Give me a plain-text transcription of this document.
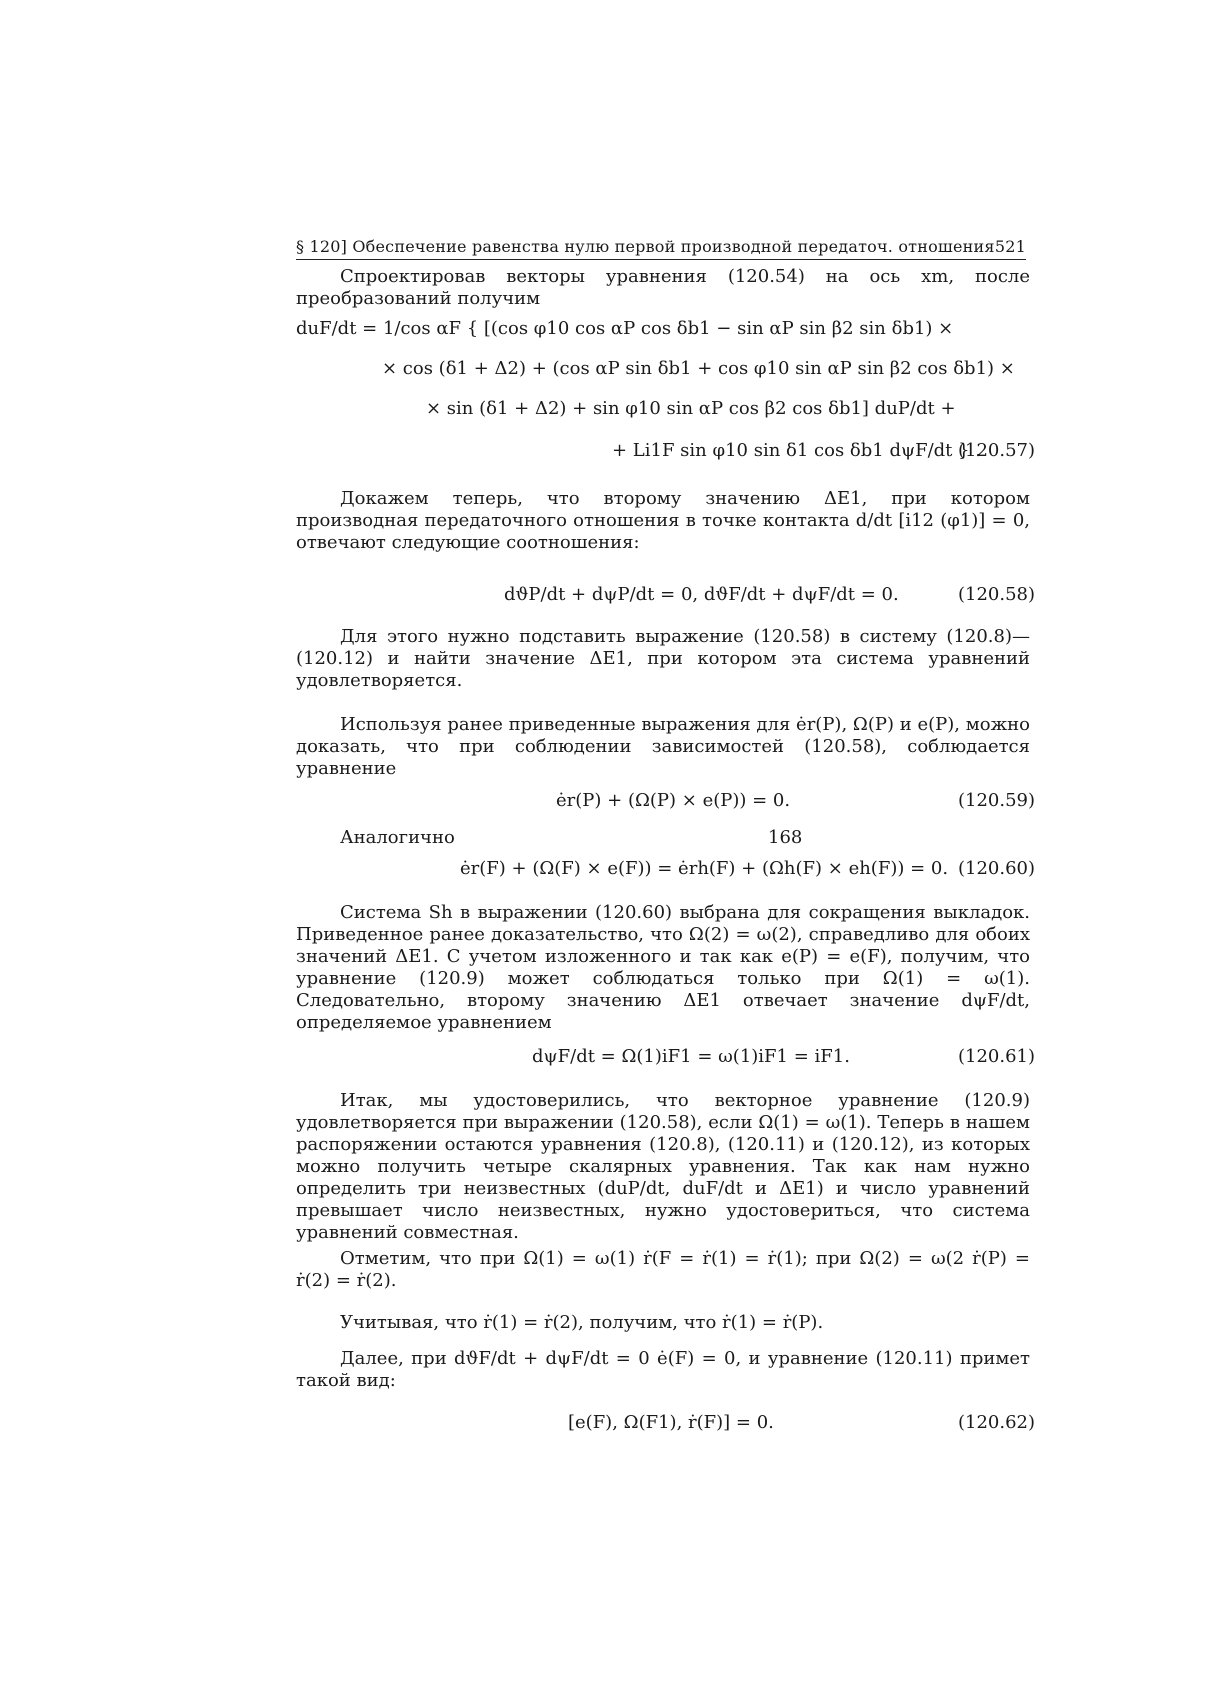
§ 120] Обеспечение равенства нулю первой производной передаточ. отношения 521
Спроектировав векторы уравнения (120.54) на ось xm, после преобразований получим
duF/dt = 1/cos αF { [(cos φ10 cos αP cos δb1 − sin αP sin β2 sin δb1) ×
× cos (δ1 + Δ2) + (cos αP sin δb1 + cos φ10 sin αP sin β2 cos δb1) ×
× sin (δ1 + Δ2) + sin φ10 sin αP cos β2 cos δb1] duP/dt +
+ Li1F sin φ10 sin δ1 cos δb1 dψF/dt } .
(120.57)
Докажем теперь, что второму значению ΔE1, при котором производная передаточного отношения в точке контакта d/dt [i12 (φ1)] = 0, отвечают следующие соотношения:
dϑP/dt + dψP/dt = 0, dϑF/dt + dψF/dt = 0.	(120.58)
Для этого нужно подставить выражение (120.58) в систему (120.8)—(120.12) и найти значение ΔE1, при котором эта система уравнений удовлетворяется.
Используя ранее приведенные выражения для ėr(P), Ω(P) и e(P), можно доказать, что при соблюдении зависимостей (120.58), соблюдается уравнение
ėr(P) + (Ω(P) × e(P)) = 0.	(120.59)
Аналогично	168
ėr(F) + (Ω(F) × e(F)) = ėrh(F) + (Ωh(F) × eh(F)) = 0. (120.60)
Система Sh в выражении (120.60) выбрана для сокращения выкладок. Приведенное ранее доказательство, что Ω(2) = ω(2), справедливо для обоих значений ΔE1. С учетом изложенного и так как e(P) = e(F), получим, что уравнение (120.9) может соблюдаться только при Ω(1) = ω(1). Следовательно, второму значению ΔE1 отвечает значение dψF/dt, определяемое уравнением
dψF/dt = Ω(1)iF1 = ω(1)iF1 = iF1.	(120.61)
Итак, мы удостоверились, что векторное уравнение (120.9) удовлетворяется при выражении (120.58), если Ω(1) = ω(1). Теперь в нашем распоряжении остаются уравнения (120.8), (120.11) и (120.12), из которых можно получить четыре скалярных уравнения. Так как нам нужно определить три неизвестных (duP/dt, duF/dt и ΔE1) и число уравнений превышает число неизвестных, нужно удостовериться, что система уравнений совместная.
Отметим, что при Ω(1) = ω(1) ṙ(F = ṙ(1) = ṙ(1); при Ω(2) = ω(2 ṙ(P) = ṙ(2) = ṙ(2).
Учитывая, что ṙ(1) = ṙ(2), получим, что ṙ(1) = ṙ(P).
Далее, при dϑF/dt + dψF/dt = 0 ė(F) = 0, и уравнение (120.11) примет такой вид:
[e(F), Ω(F1), ṙ(F)] = 0.	(120.62)
